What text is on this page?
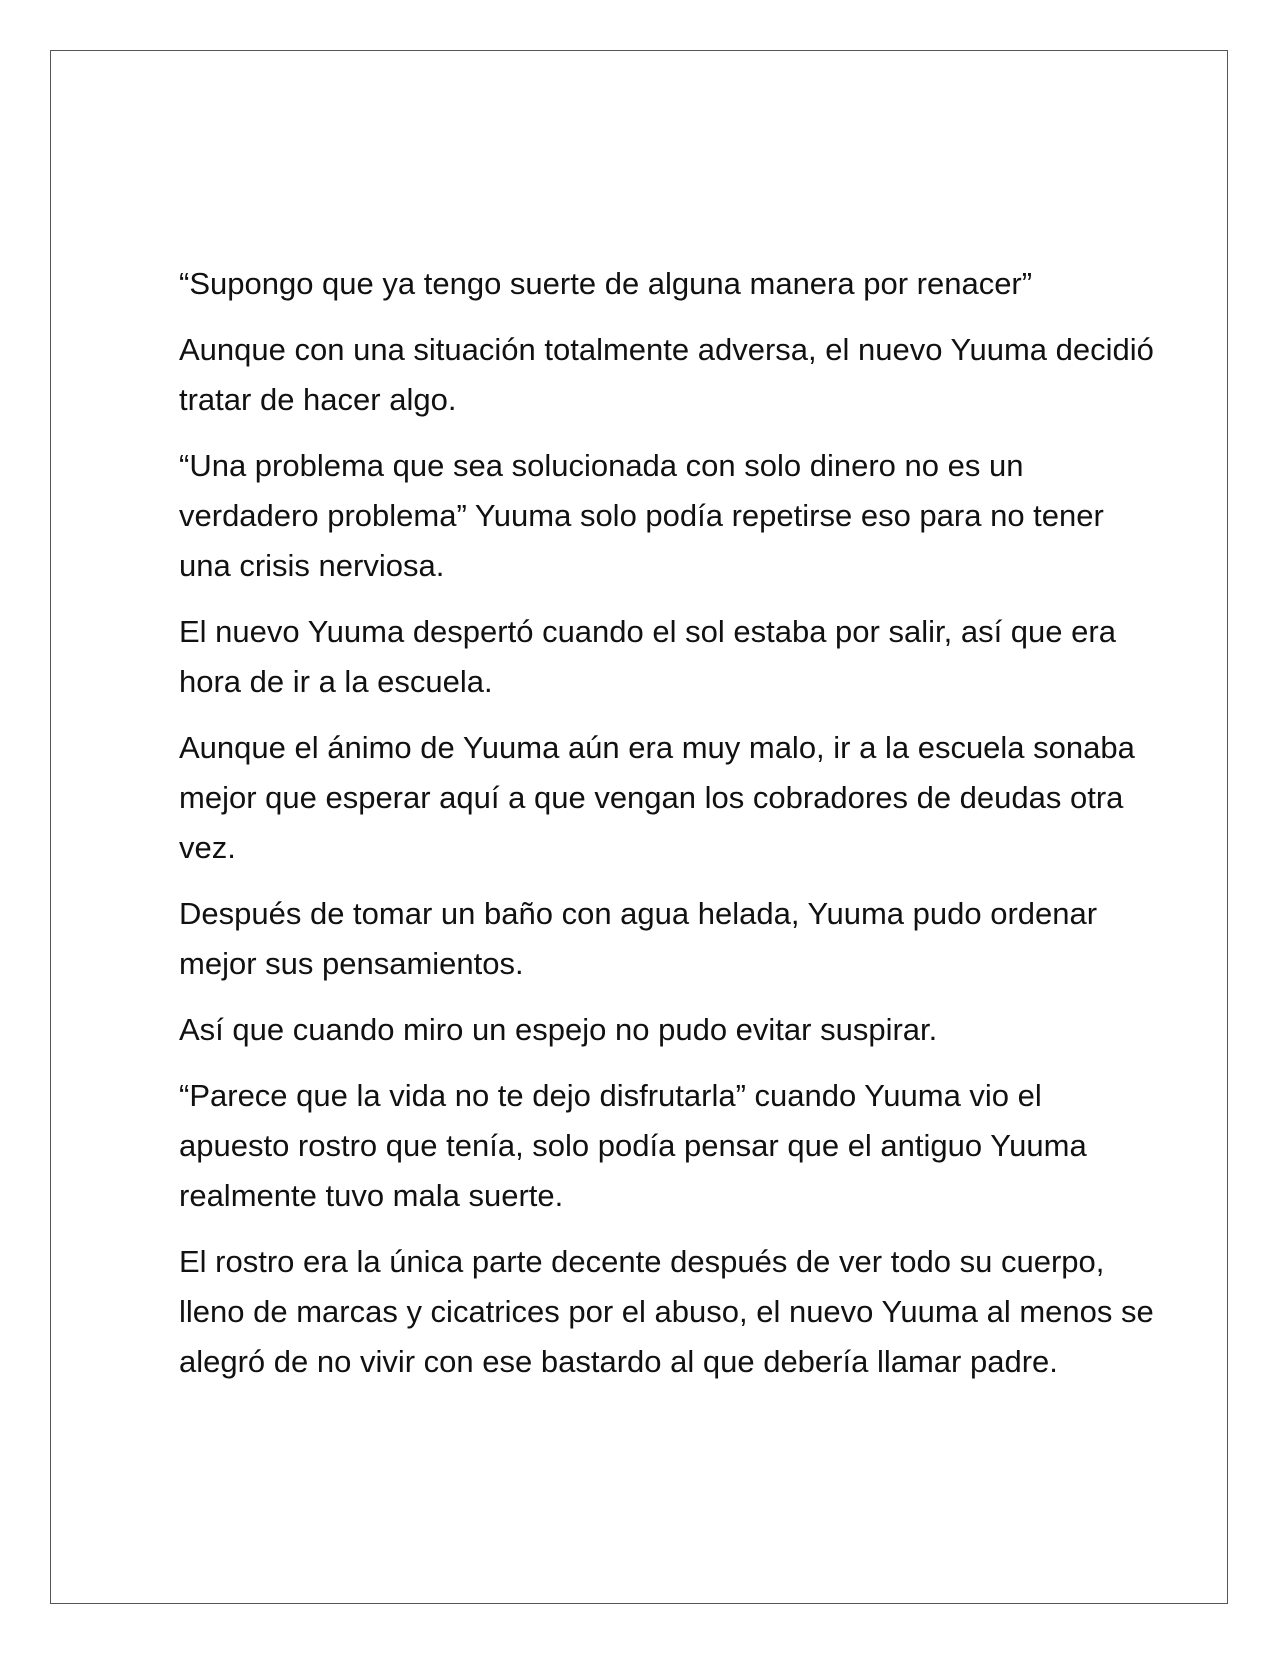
“Supongo que ya tengo suerte de alguna manera por renacer”

Aunque con una situación totalmente adversa, el nuevo Yuuma decidió tratar de hacer algo.

“Una problema que sea solucionada con solo dinero no es un verdadero problema” Yuuma solo podía repetirse eso para no tener una crisis nerviosa.

El nuevo Yuuma despertó cuando el sol estaba por salir, así que era hora de ir a la escuela.

Aunque el ánimo de Yuuma aún era muy malo, ir a la escuela sonaba mejor que esperar aquí a que vengan los cobradores de deudas otra vez.

Después de tomar un baño con agua helada, Yuuma pudo ordenar mejor sus pensamientos.

Así que cuando miro un espejo no pudo evitar suspirar.

“Parece que la vida no te dejo disfrutarla” cuando Yuuma vio el apuesto rostro que tenía, solo podía pensar que el antiguo Yuuma realmente tuvo mala suerte.

El rostro era la única parte decente después de ver todo su cuerpo, lleno de marcas y cicatrices por el abuso, el nuevo Yuuma al menos se alegró de no vivir con ese bastardo al que debería llamar padre.
